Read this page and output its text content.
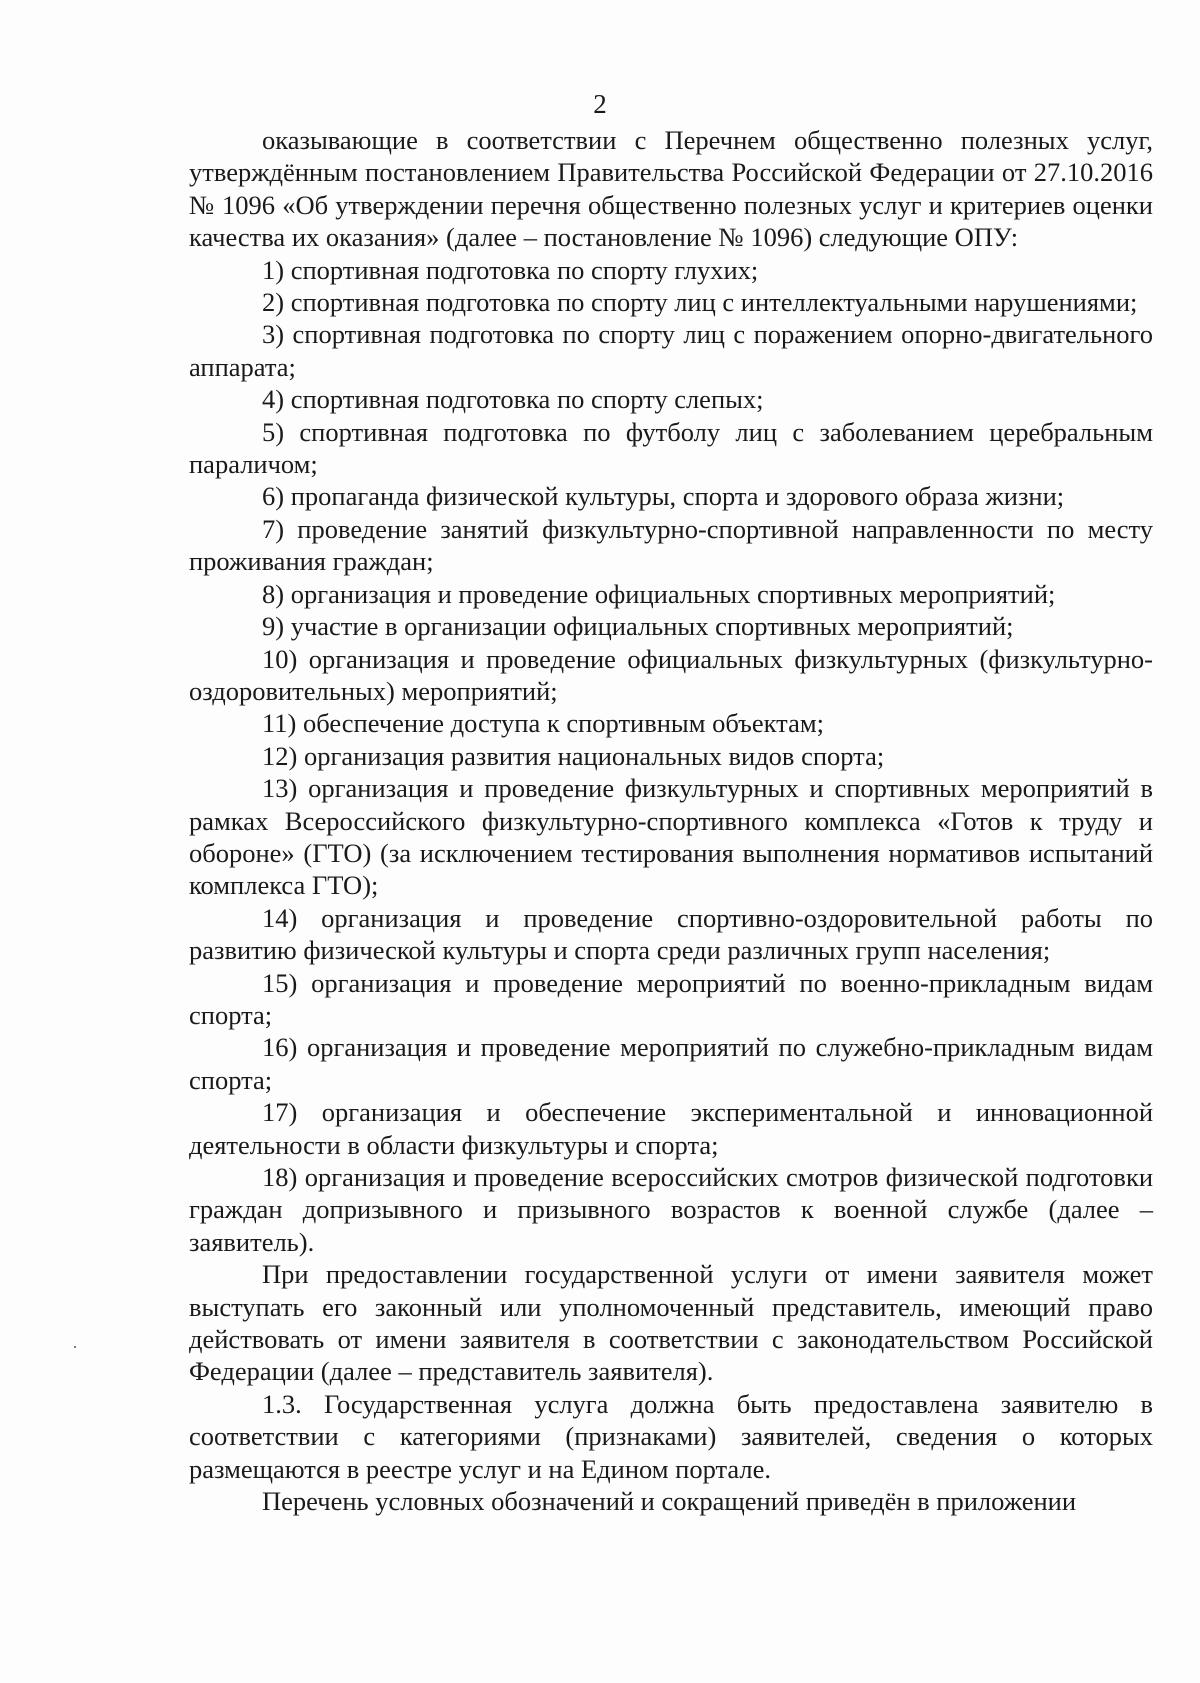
2

оказывающие в соответствии с Перечнем общественно полезных услуг, утверждённым постановлением Правительства Российской Федерации от 27.10.2016 № 1096 «Об утверждении перечня общественно полезных услуг и критериев оценки качества их оказания» (далее – постановление № 1096) следующие ОПУ:

1) спортивная подготовка по спорту глухих;

2) спортивная подготовка по спорту лиц с интеллектуальными нарушениями;

3) спортивная подготовка по спорту лиц с поражением опорно-двигательного аппарата;

4) спортивная подготовка по спорту слепых;

5) спортивная подготовка по футболу лиц с заболеванием церебральным параличом;

6) пропаганда физической культуры, спорта и здорового образа жизни;

7) проведение занятий физкультурно-спортивной направленности по месту проживания граждан;

8) организация и проведение официальных спортивных мероприятий;

9) участие в организации официальных спортивных мероприятий;

10) организация и проведение официальных физкультурных (физкультурно-оздоровительных) мероприятий;

11) обеспечение доступа к спортивным объектам;

12) организация развития национальных видов спорта;

13) организация и проведение физкультурных и спортивных мероприятий в рамках Всероссийского физкультурно-спортивного комплекса «Готов к труду и обороне» (ГТО) (за исключением тестирования выполнения нормативов испытаний комплекса ГТО);

14) организация и проведение спортивно-оздоровительной работы по развитию физической культуры и спорта среди различных групп населения;

15) организация и проведение мероприятий по военно-прикладным видам спорта;

16) организация и проведение мероприятий по служебно-прикладным видам спорта;

17) организация и обеспечение экспериментальной и инновационной деятельности в области физкультуры и спорта;

18) организация и проведение всероссийских смотров физической подготовки граждан допризывного и призывного возрастов к военной службе (далее – заявитель).

При предоставлении государственной услуги от имени заявителя может выступать его законный или уполномоченный представитель, имеющий право действовать от имени заявителя в соответствии с законодательством Российской Федерации (далее – представитель заявителя).

1.3. Государственная услуга должна быть предоставлена заявителю в соответствии с категориями (признаками) заявителей, сведения о которых размещаются в реестре услуг и на Едином портале.

Перечень условных обозначений и сокращений приведён в приложении
